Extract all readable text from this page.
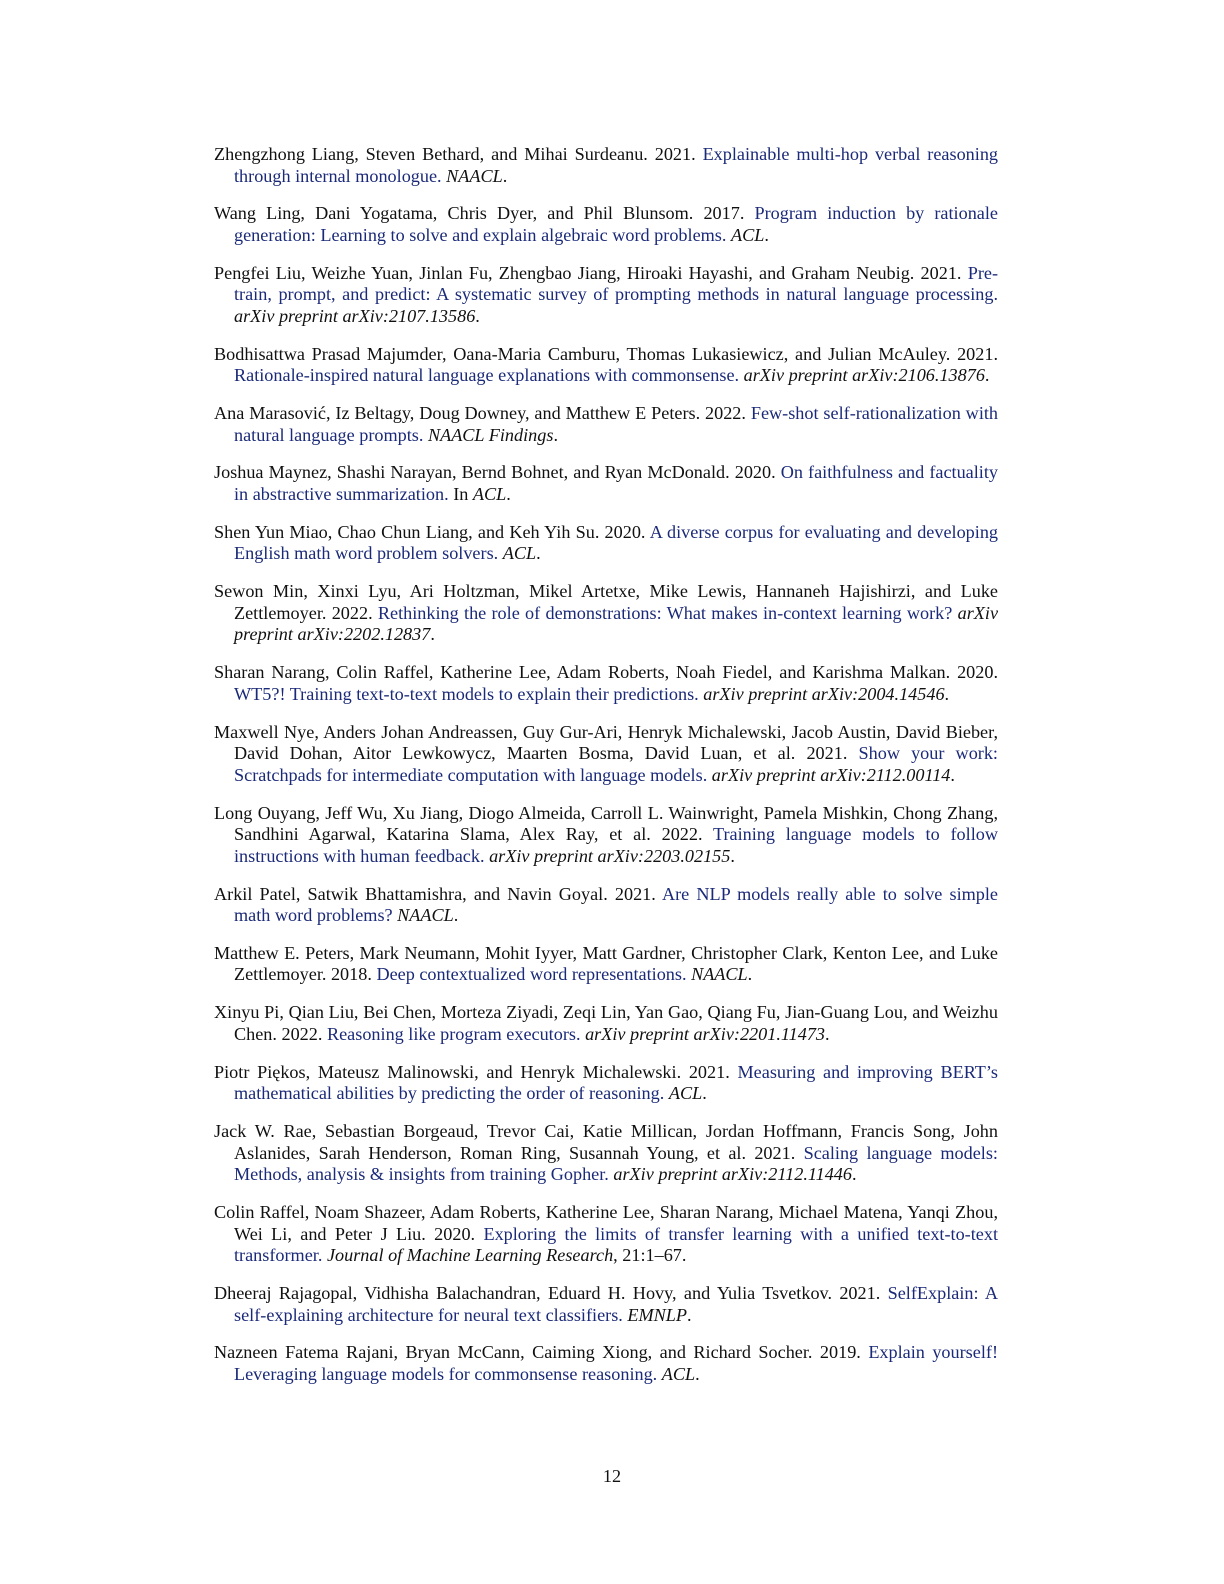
Zhengzhong Liang, Steven Bethard, and Mihai Surdeanu. 2021. Explainable multi-hop verbal reasoning through internal monologue. NAACL.

Wang Ling, Dani Yogatama, Chris Dyer, and Phil Blunsom. 2017. Program induction by rationale generation: Learning to solve and explain algebraic word problems. ACL.

Pengfei Liu, Weizhe Yuan, Jinlan Fu, Zhengbao Jiang, Hiroaki Hayashi, and Graham Neubig. 2021. Pre-train, prompt, and predict: A systematic survey of prompting methods in natural language processing. arXiv preprint arXiv:2107.13586.

Bodhisattwa Prasad Majumder, Oana-Maria Camburu, Thomas Lukasiewicz, and Julian McAuley. 2021. Rationale-inspired natural language explanations with commonsense. arXiv preprint arXiv:2106.13876.

Ana Marasović, Iz Beltagy, Doug Downey, and Matthew E Peters. 2022. Few-shot self-rationalization with natural language prompts. NAACL Findings.

Joshua Maynez, Shashi Narayan, Bernd Bohnet, and Ryan McDonald. 2020. On faithfulness and factuality in abstractive summarization. In ACL.

Shen Yun Miao, Chao Chun Liang, and Keh Yih Su. 2020. A diverse corpus for evaluating and developing English math word problem solvers. ACL.

Sewon Min, Xinxi Lyu, Ari Holtzman, Mikel Artetxe, Mike Lewis, Hannaneh Hajishirzi, and Luke Zettlemoyer. 2022. Rethinking the role of demonstrations: What makes in-context learning work? arXiv preprint arXiv:2202.12837.

Sharan Narang, Colin Raffel, Katherine Lee, Adam Roberts, Noah Fiedel, and Karishma Malkan. 2020. WT5?! Training text-to-text models to explain their predictions. arXiv preprint arXiv:2004.14546.

Maxwell Nye, Anders Johan Andreassen, Guy Gur-Ari, Henryk Michalewski, Jacob Austin, David Bieber, David Dohan, Aitor Lewkowycz, Maarten Bosma, David Luan, et al. 2021. Show your work: Scratchpads for intermediate computation with language models. arXiv preprint arXiv:2112.00114.

Long Ouyang, Jeff Wu, Xu Jiang, Diogo Almeida, Carroll L. Wainwright, Pamela Mishkin, Chong Zhang, Sandhini Agarwal, Katarina Slama, Alex Ray, et al. 2022. Training language models to follow instructions with human feedback. arXiv preprint arXiv:2203.02155.

Arkil Patel, Satwik Bhattamishra, and Navin Goyal. 2021. Are NLP models really able to solve simple math word problems? NAACL.

Matthew E. Peters, Mark Neumann, Mohit Iyyer, Matt Gardner, Christopher Clark, Kenton Lee, and Luke Zettlemoyer. 2018. Deep contextualized word representations. NAACL.

Xinyu Pi, Qian Liu, Bei Chen, Morteza Ziyadi, Zeqi Lin, Yan Gao, Qiang Fu, Jian-Guang Lou, and Weizhu Chen. 2022. Reasoning like program executors. arXiv preprint arXiv:2201.11473.

Piotr Piękos, Mateusz Malinowski, and Henryk Michalewski. 2021. Measuring and improving BERT’s mathematical abilities by predicting the order of reasoning. ACL.

Jack W. Rae, Sebastian Borgeaud, Trevor Cai, Katie Millican, Jordan Hoffmann, Francis Song, John Aslanides, Sarah Henderson, Roman Ring, Susannah Young, et al. 2021. Scaling language models: Methods, analysis & insights from training Gopher. arXiv preprint arXiv:2112.11446.

Colin Raffel, Noam Shazeer, Adam Roberts, Katherine Lee, Sharan Narang, Michael Matena, Yanqi Zhou, Wei Li, and Peter J Liu. 2020. Exploring the limits of transfer learning with a unified text-to-text transformer. Journal of Machine Learning Research, 21:1–67.

Dheeraj Rajagopal, Vidhisha Balachandran, Eduard H. Hovy, and Yulia Tsvetkov. 2021. SelfExplain: A self-explaining architecture for neural text classifiers. EMNLP.

Nazneen Fatema Rajani, Bryan McCann, Caiming Xiong, and Richard Socher. 2019. Explain yourself! Leveraging language models for commonsense reasoning. ACL.

12
